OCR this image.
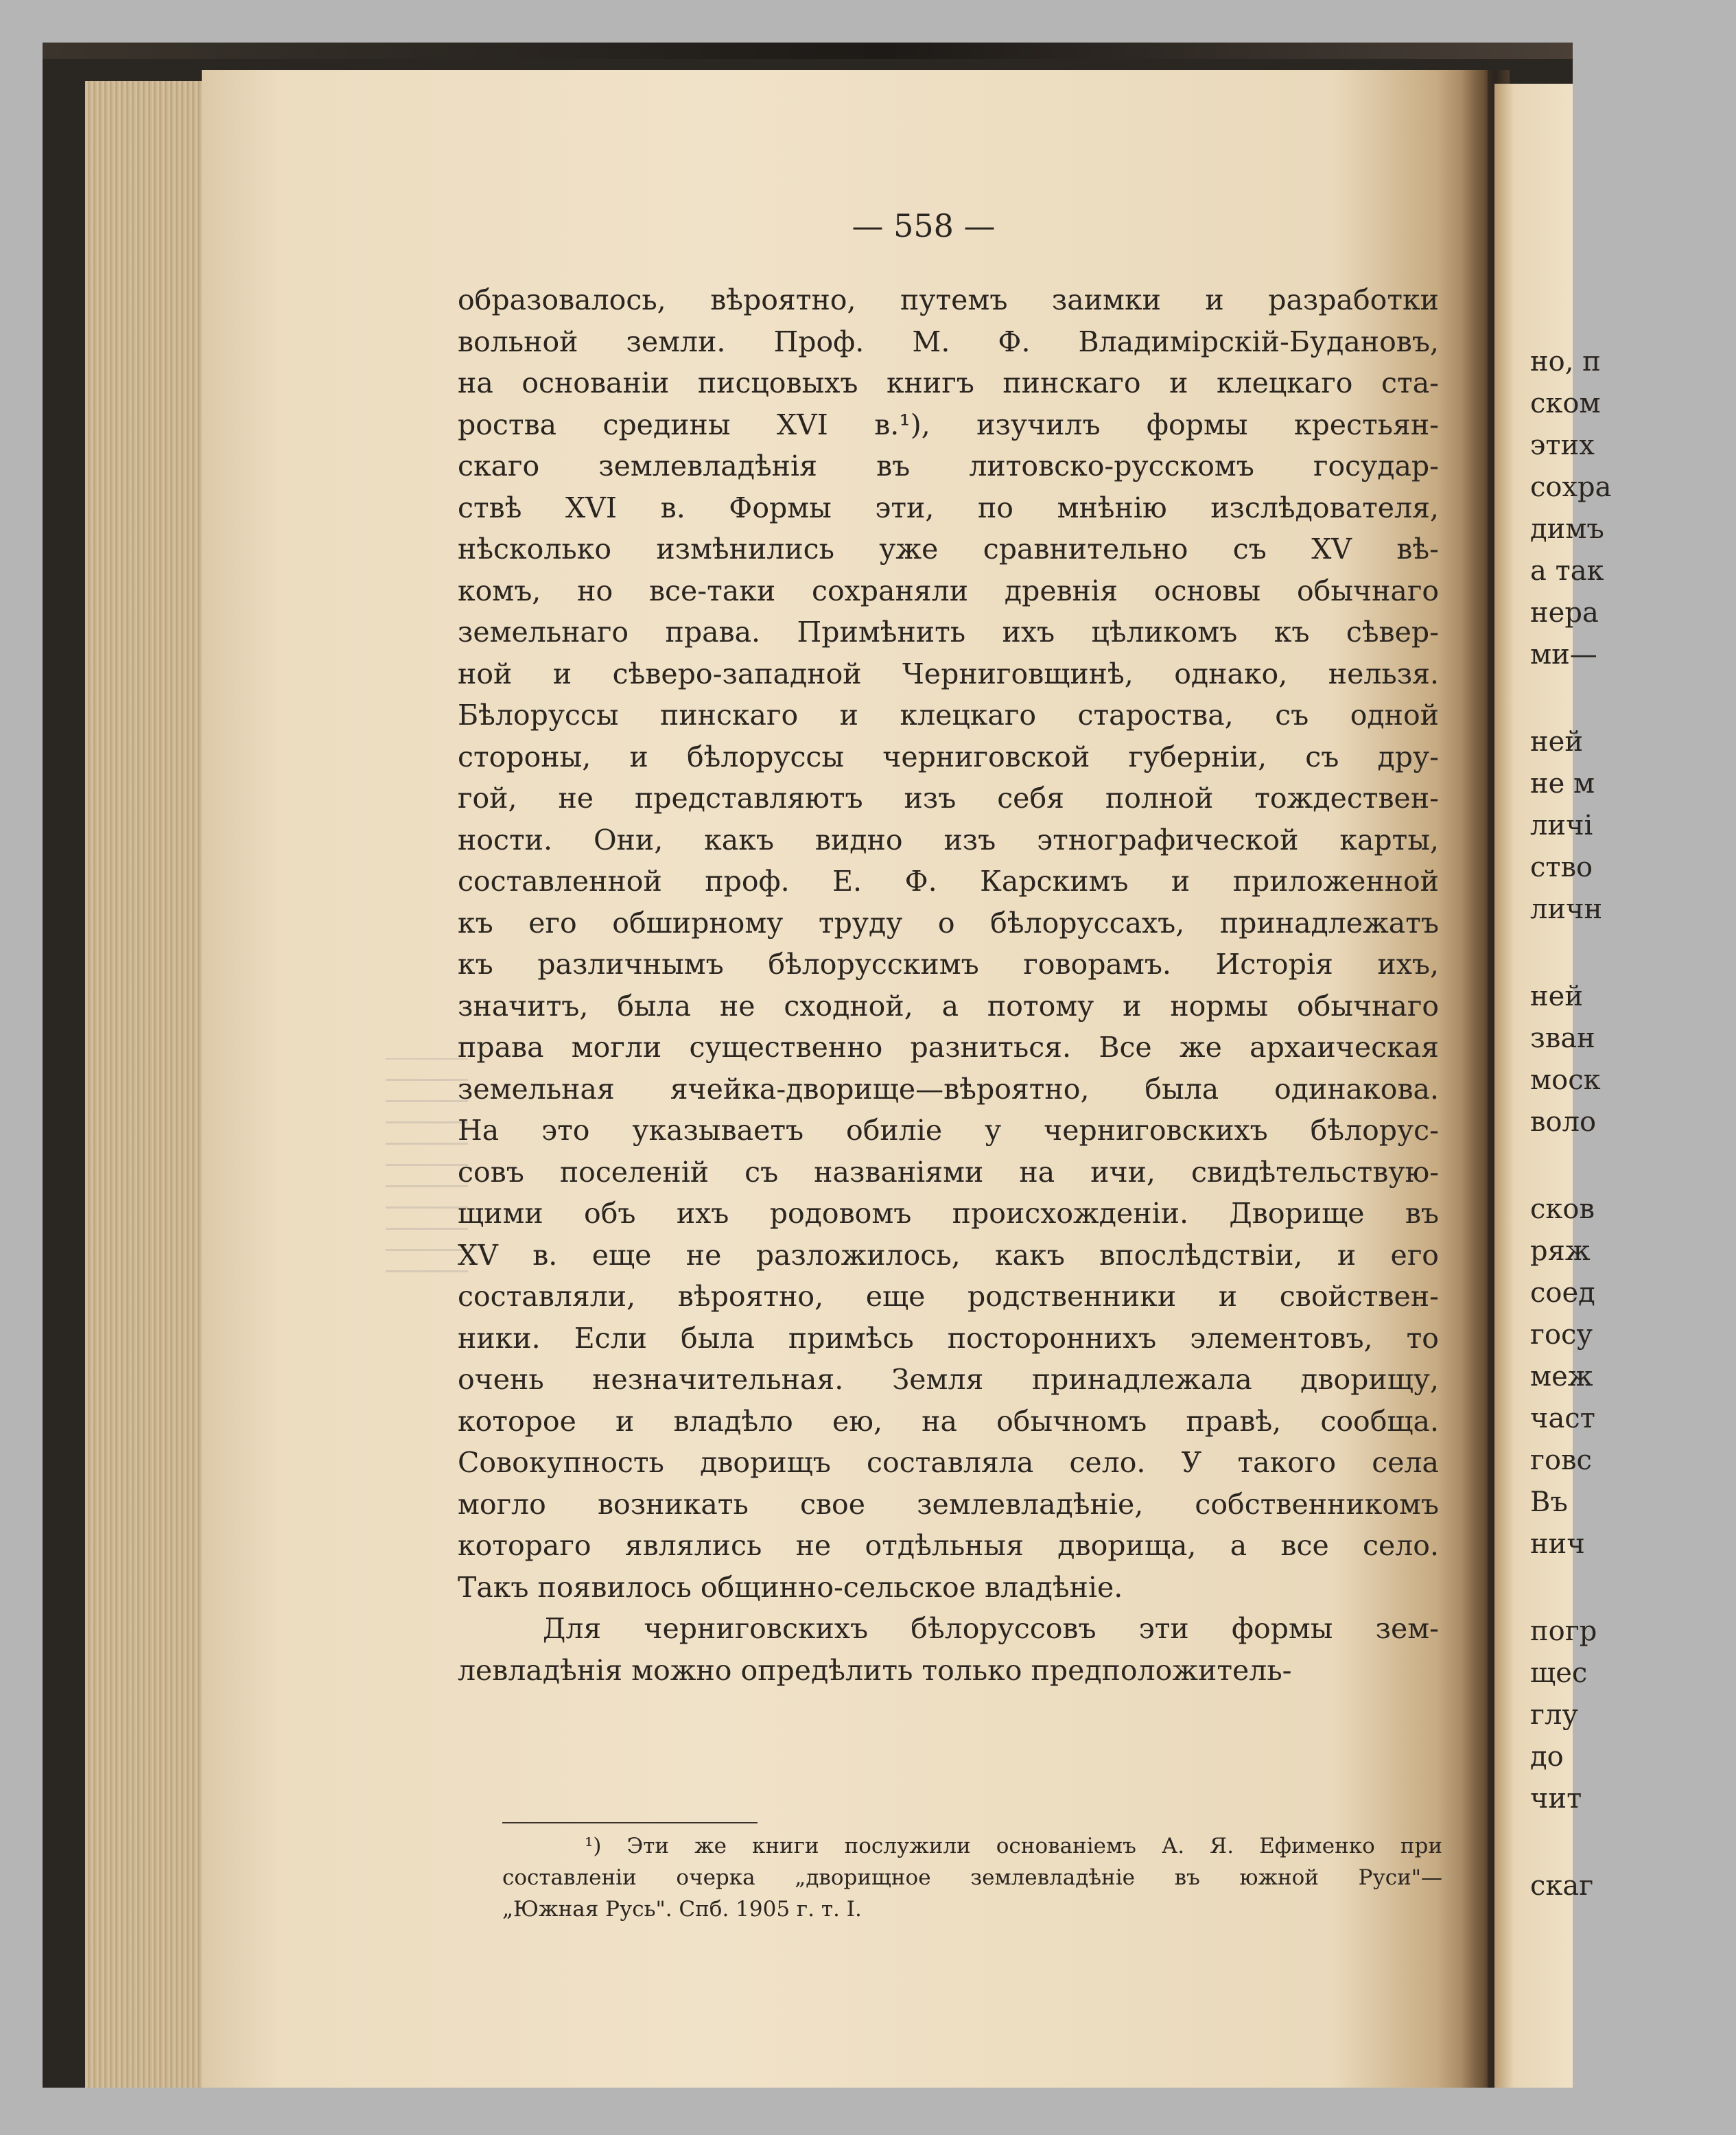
но, п
ском
этих
сохра
димъ
а так
нера
ми—
ней
не м
личі
ство
личн
ней
зван
моск
воло
сков
ряж
соед
госу
меж
част
говс
Въ
нич
погр
щес
глу
до
чит
скаг
— 558 —
образовалось, вѣроятно, путемъ заимки и разработки
вольной земли. Проф. М. Ф. Владимірскій-Будановъ,
на основаніи писцовыхъ книгъ пинскаго и клецкаго ста-
роства средины XVI в.¹), изучилъ формы крестьян-
скаго землевладѣнія въ литовско-русскомъ государ-
ствѣ XVI в. Формы эти, по мнѣнію изслѣдователя,
нѣсколько измѣнились уже сравнительно съ XV вѣ-
комъ, но все-таки сохраняли древнія основы обычнаго
земельнаго права. Примѣнить ихъ цѣликомъ къ сѣвер-
ной и сѣверо-западной Черниговщинѣ, однако, нельзя.
Бѣлоруссы пинскаго и клецкаго староства, съ одной
стороны, и бѣлоруссы черниговской губерніи, съ дру-
гой, не представляютъ изъ себя полной тождествен-
ности. Они, какъ видно изъ этнографической карты,
составленной проф. Е. Ф. Карскимъ и приложенной
къ его обширному труду о бѣлоруссахъ, принадлежатъ
къ различнымъ бѣлорусскимъ говорамъ. Исторія ихъ,
значитъ, была не сходной, а потому и нормы обычнаго
права могли существенно разниться. Все же архаическая
земельная ячейка-дворище—вѣроятно, была одинакова.
На это указываетъ обиліе у черниговскихъ бѣлорус-
совъ поселеній съ названіями на ичи, свидѣтельствую-
щими объ ихъ родовомъ происхожденіи. Дворище въ
XV в. еще не разложилось, какъ впослѣдствіи, и его
составляли, вѣроятно, еще родственники и свойствен-
ники. Если была примѣсь постороннихъ элементовъ, то
очень незначительная. Земля принадлежала дворищу,
которое и владѣло ею, на обычномъ правѣ, сообща.
Совокупность дворищъ составляла село. У такого села
могло возникать свое землевладѣніе, собственникомъ
котораго являлись не отдѣльныя дворища, а все село.
Такъ появилось общинно-сельское владѣніе.
Для черниговскихъ бѣлоруссовъ эти формы зем-
левладѣнія можно опредѣлить только предположитель-
¹) Эти же книги послужили основаніемъ А. Я. Ефименко при
составленіи очерка „дворищное землевладѣніе въ южной Руси"—
„Южная Русь". Спб. 1905 г. т. I.
